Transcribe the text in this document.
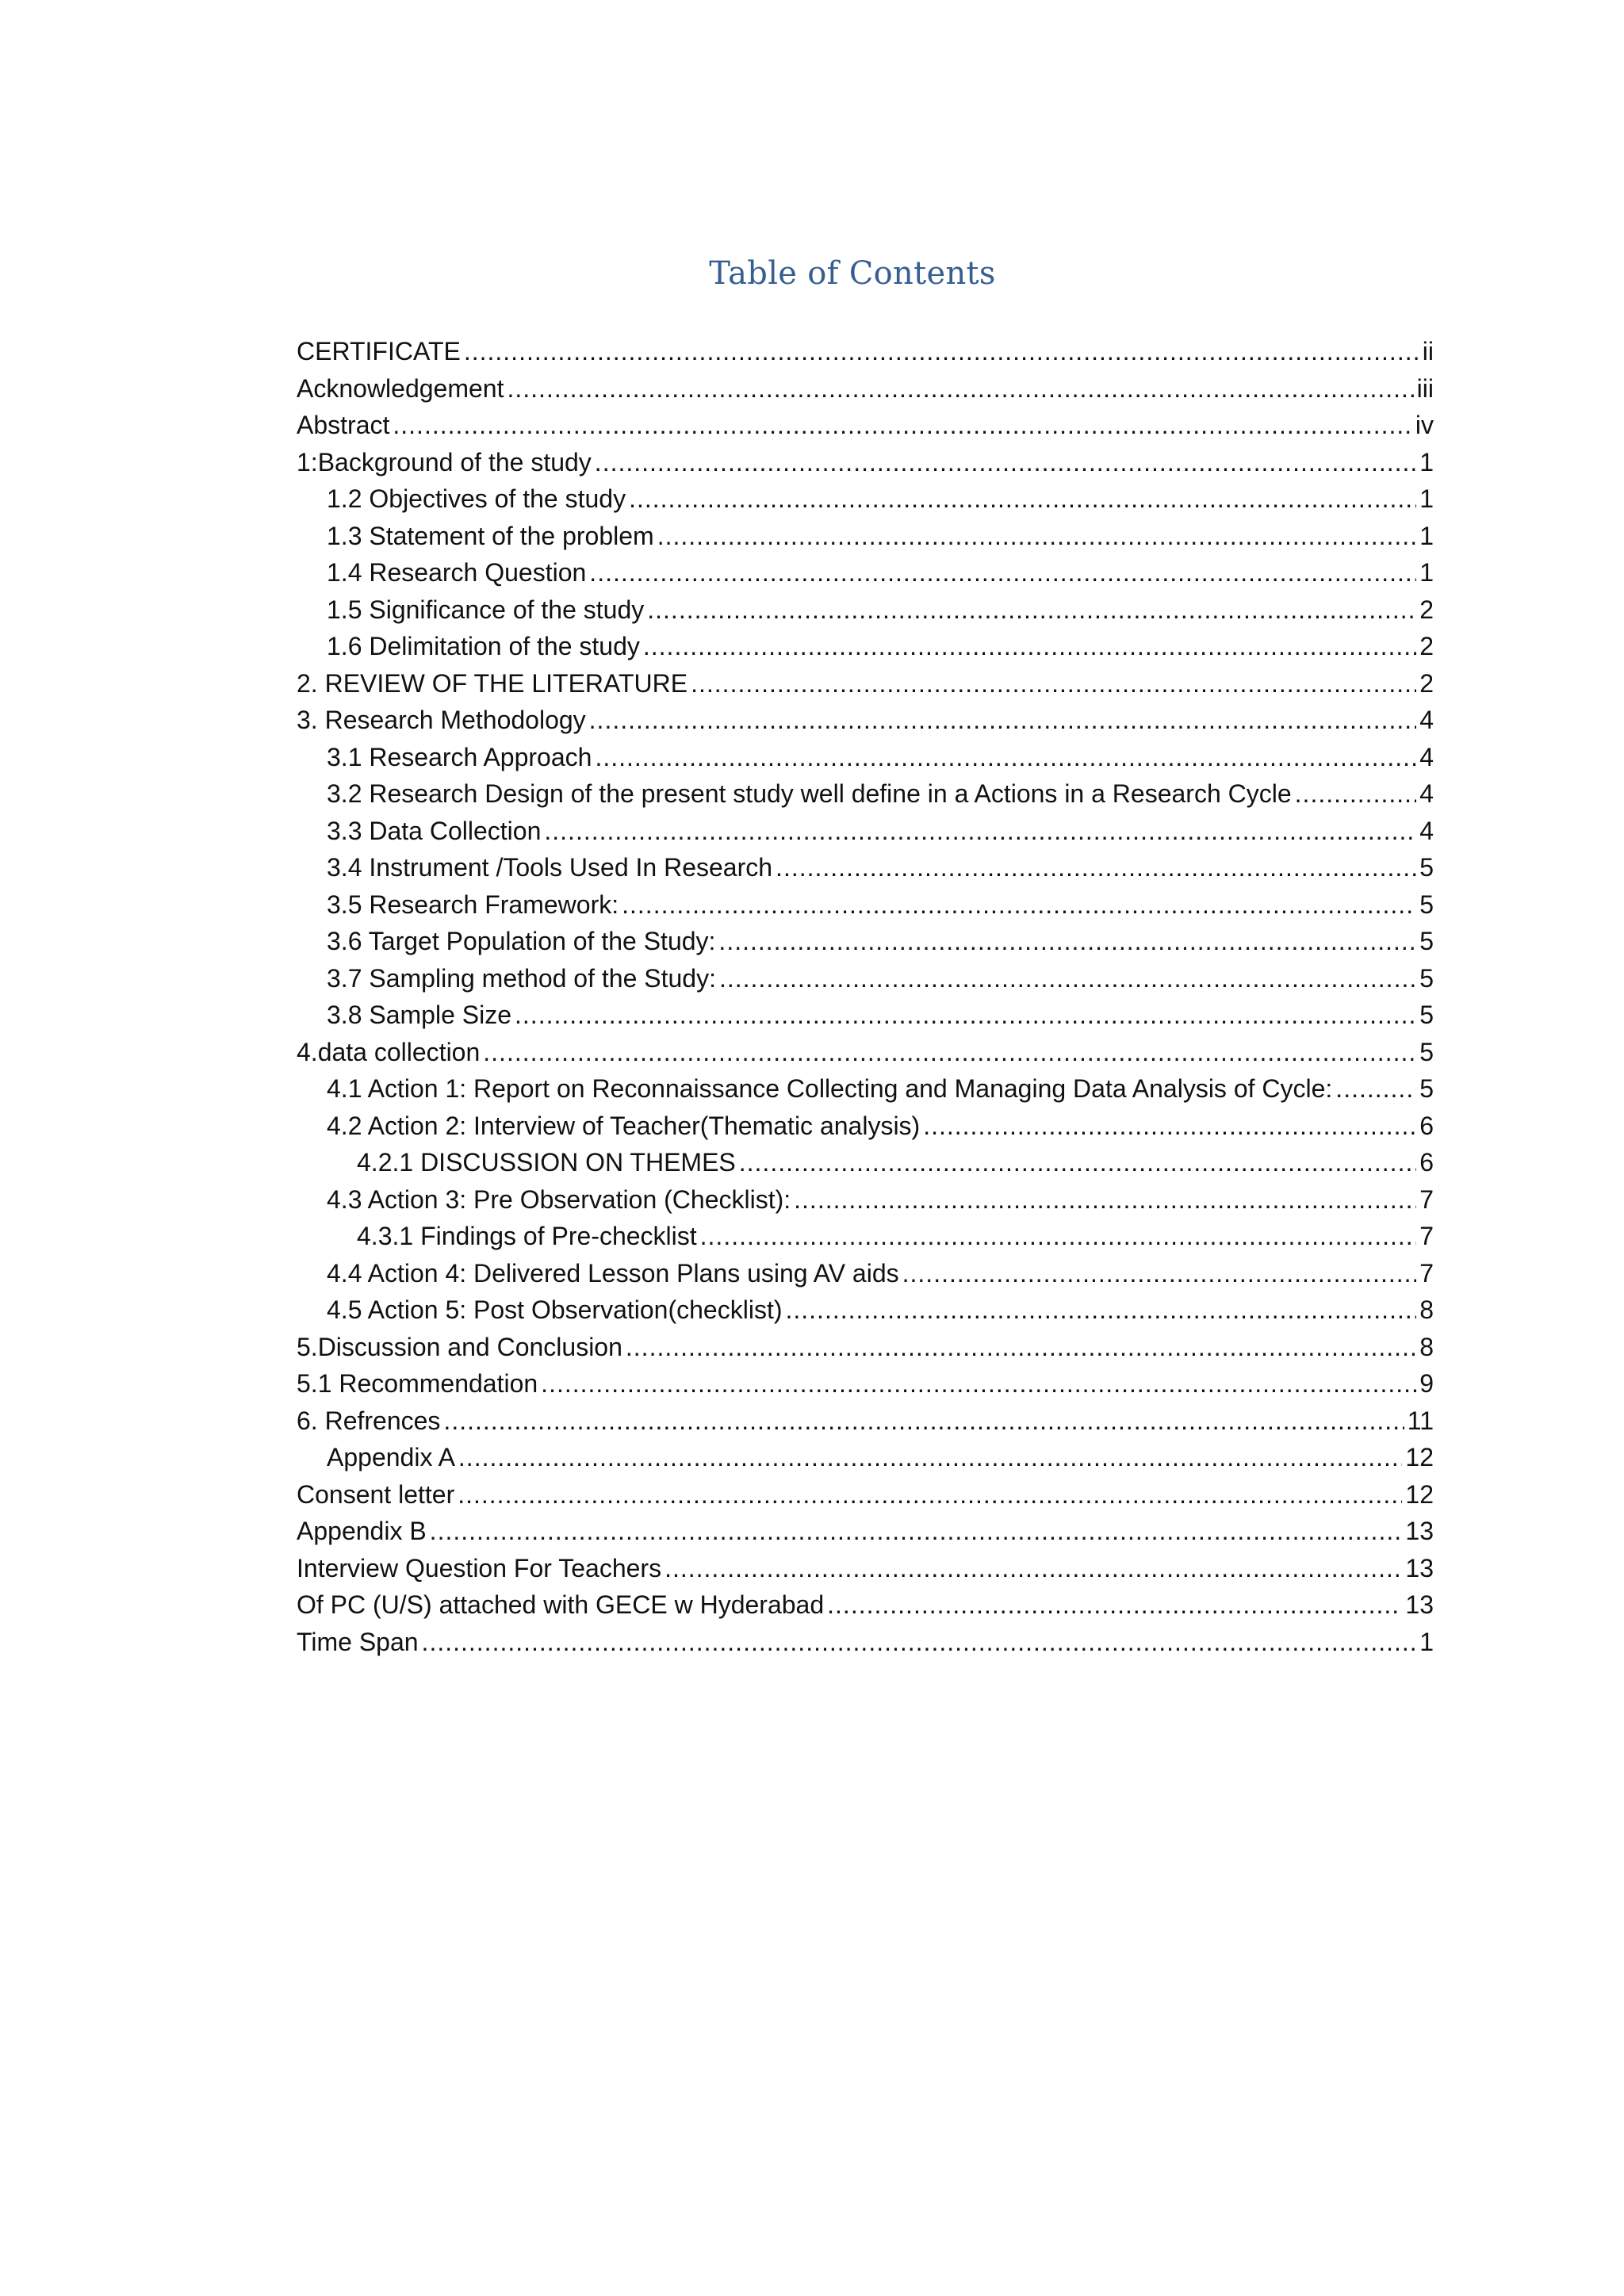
Table of Contents
CERTIFICATE .....	ii
Acknowledgement .....	iii
Abstract .....	iv
1:Background of the study .....	1
1.2 Objectives of the study .....	1
1.3 Statement of the problem .....	1
1.4 Research Question .....	1
1.5 Significance of the study .....	2
1.6 Delimitation of the study .....	2
2. REVIEW OF THE LITERATURE .....	2
3. Research Methodology .....	4
3.1 Research Approach .....	4
3.2 Research Design of the present study well define in a Actions in a Research Cycle .....	4
3.3 Data Collection .....	4
3.4 Instrument /Tools Used In Research .....	5
3.5 Research Framework: .....	5
3.6 Target Population of the Study: .....	5
3.7 Sampling method of the Study: .....	5
3.8 Sample Size .....	5
4.data collection .....	5
4.1 Action 1: Report on Reconnaissance Collecting and Managing Data Analysis of Cycle: .....	5
4.2 Action 2: Interview of Teacher(Thematic analysis) .....	6
4.2.1 DISCUSSION ON THEMES .....	6
4.3 Action 3: Pre Observation (Checklist): .....	7
4.3.1 Findings of Pre-checklist .....	7
4.4 Action 4: Delivered Lesson Plans using AV aids .....	7
4.5 Action 5: Post Observation(checklist) .....	8
5.Discussion and Conclusion .....	8
5.1 Recommendation .....	9
6. Refrences .....	11
Appendix A .....	12
Consent letter .....	12
Appendix B .....	13
Interview Question For Teachers .....	13
Of PC (U/S) attached with GECE w Hyderabad .....	13
Time Span .....	1
